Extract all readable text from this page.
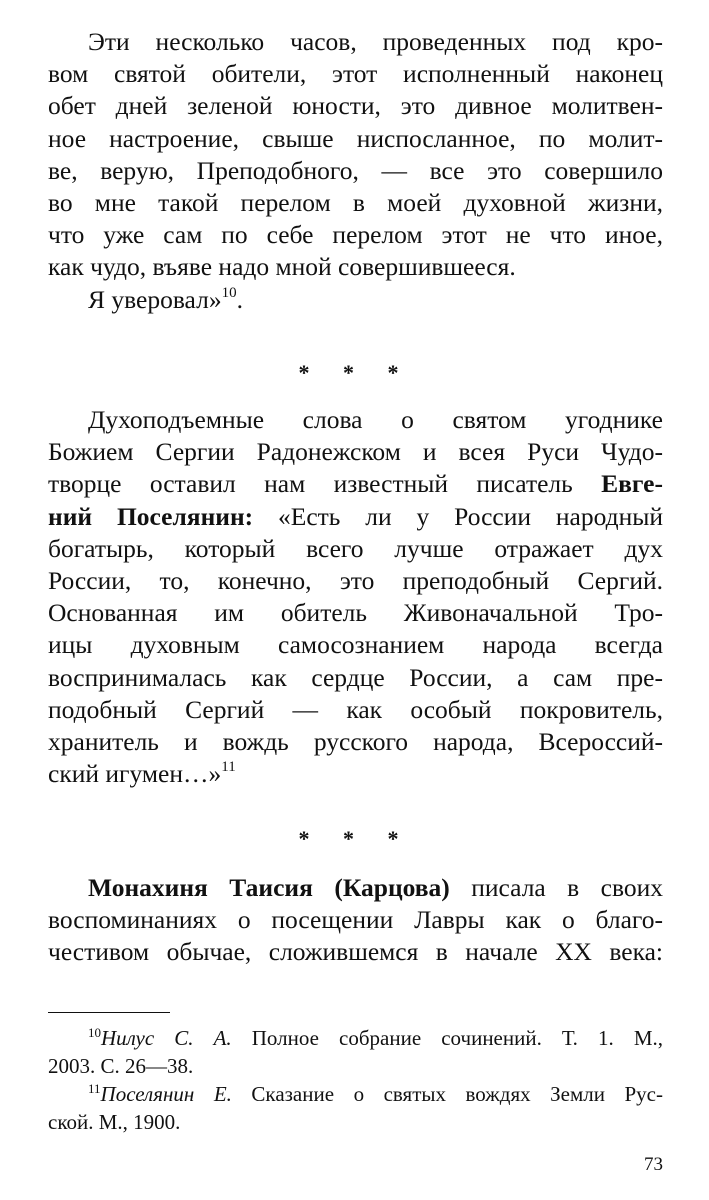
Эти несколько часов, проведенных под кро-
вом святой обители, этот исполненный наконец
обет дней зеленой юности, это дивное молитвен-
ное настроение, свыше ниспосланное, по молит-
ве, верую, Преподобного, — все это совершило
во мне такой перелом в моей духовной жизни,
что уже сам по себе перелом этот не что иное,
как чудо, въяве надо мной совершившееся.
Я уверовал»$^{10}$.
* * *
Духоподъемные слова о святом угоднике
Божием Сергии Радонежском и всея Руси Чудо-
творце оставил нам известный писатель Евге-
ний Поселянин: «Есть ли у России народный
богатырь, который всего лучше отражает дух
России, то, конечно, это преподобный Сергий.
Основанная им обитель Живоначальной Тро-
ицы духовным самосознанием народа всегда
воспринималась как сердце России, а сам пре-
подобный Сергий — как особый покровитель,
хранитель и вождь русского народа, Всероссий-
ский игумен…»$^{11}$
* * *
Монахиня Таисия (Карцова) писала в своих
воспоминаниях о посещении Лавры как о благо-
честивом обычае, сложившемся в начале XX века:
$^{10}$Нилус С. А. Полное собрание сочинений. Т. 1. М.,
2003. С. 26—38.
$^{11}$Поселянин Е. Сказание о святых вождях Земли Рус-
ской. М., 1900.
73
